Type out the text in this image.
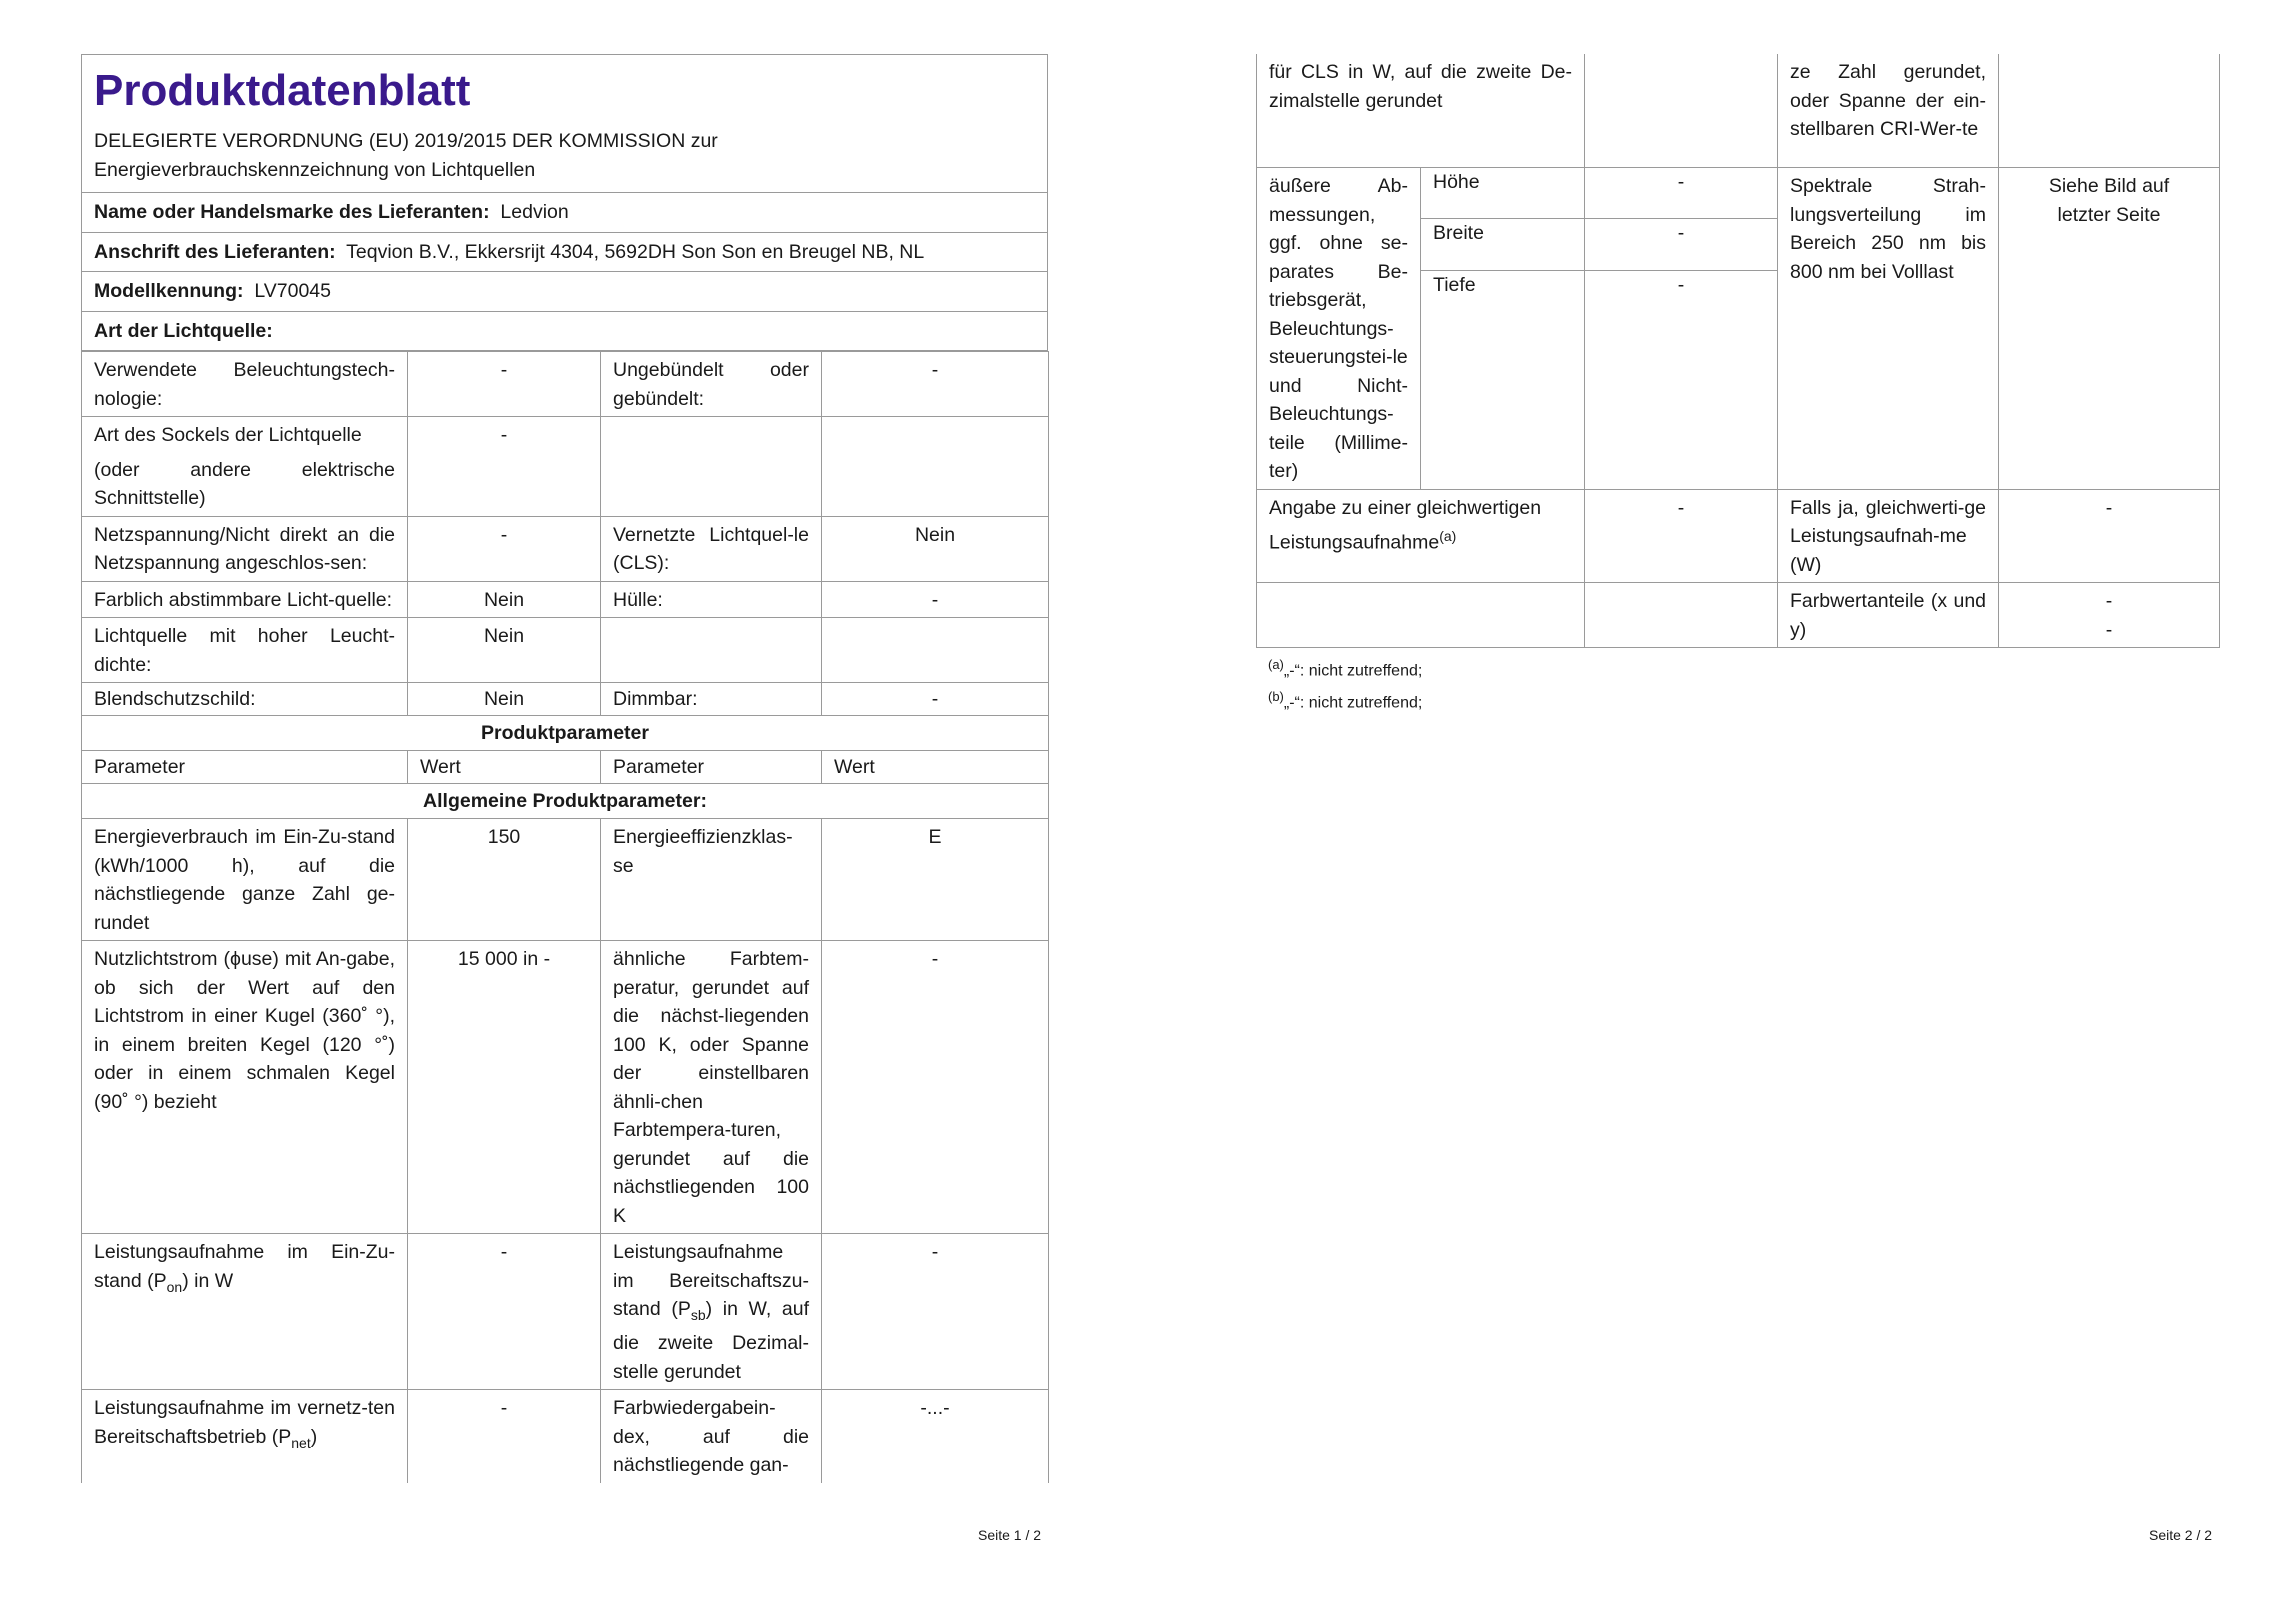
Produktdatenblatt
DELEGIERTE VERORDNUNG (EU) 2019/2015 DER KOMMISSION zur Energieverbrauchskennzeichnung von Lichtquellen

Name oder Handelsmarke des Lieferanten: Ledvion
Anschrift des Lieferanten: Teqvion B.V., Ekkersrijt 4304, 5692DH Son Son en Breugel NB, NL
Modellkennung: LV70045
Art der Lichtquelle:
Verwendete Beleuchtungstech-nologie:	-	Ungebündelt oder gebündelt:	-

Art des Sockels der Lichtquelle
(oder andere elektrische Schnittstelle)	-		
Netzspannung/Nicht direkt an die Netzspannung angeschlos-sen:	-	Vernetzte Lichtquel-le (CLS):	Nein
Farblich abstimmbare Licht-quelle:	Nein	Hülle:	-
Lichtquelle mit hoher Leucht-dichte:	Nein		
Blendschutzschild:	Nein	Dimmbar:	-
Produktparameter			
Parameter	Wert	Parameter	Wert
Allgemeine Produktparameter:			
Energieverbrauch im Ein-Zu-stand (kWh/1000 h), auf die nächstliegende ganze Zahl ge-rundet	150	Energieeffizienzklas-se	E
Nutzlichtstrom (ϕuse) mit An-gabe, ob sich der Wert auf den Lichtstrom in einer Kugel (360˚ °), in einem breiten Kegel (120 °˚) oder in einem schmalen Kegel (90˚ °) bezieht	15 000 in -	ähnliche Farbtem-peratur, gerundet auf die nächst-liegenden 100 K, oder Spanne der einstellbaren ähnli-chen Farbtempera-turen, gerundet auf die nächstliegenden 100 K	-
Leistungsaufnahme im Ein-Zu-stand $(P_{on})$ in W	-	Leistungsaufnahme im Bereitschaftszu-stand $(P_{sb})$ in W, auf die zweite Dezimal-stelle gerundet	-
Leistungsaufnahme im vernetz-ten Bereitschaftsbetrieb $(P_{net})$	-	Farbwiedergabein-dex, auf die nächstliegende gan-	-...-
Seite 1 / 2
für CLS in W, auf die zweite De-zimalstelle gerundet			ze Zahl gerundet, oder Spanne der ein-stellbaren CRI-Wer-te	
äußere Ab-messungen, ggf. ohne se-parates Be-triebsgerät, Beleuchtungs-steuerungstei-le und Nicht-Beleuchtungs-teile (Millime-ter)	Höhe	-	Spektrale Strah-lungsverteilung im Bereich 250 nm bis 800 nm bei Volllast	Siehe Bild auf letzter Seite
	Breite	-		
	Tiefe	-		
Angabe zu einer gleichwertigen Leistungsaufnahme$^{(a)}$		-	Falls ja, gleichwerti-ge Leistungsaufnah-me (W)	-
			Farbwertanteile (x und y)	-
-
$^{(a)}$„-“: nicht zutreffend;
$^{(b)}$„-“: nicht zutreffend;
Seite 2 / 2
